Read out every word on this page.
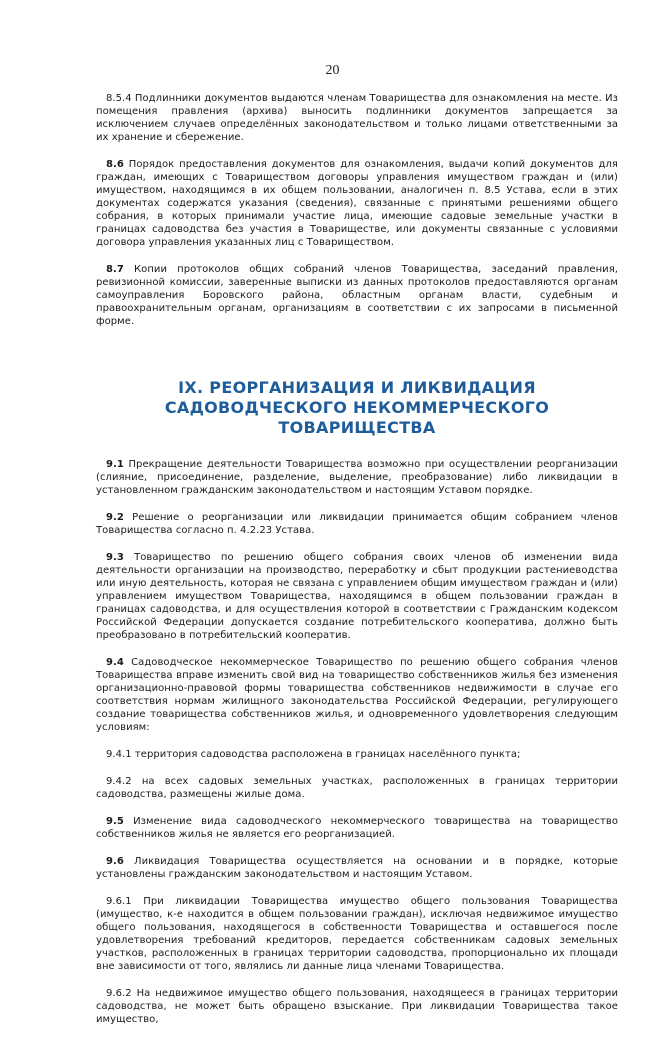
20

8.5.4 Подлинники документов выдаются членам Товарищества для ознакомления на месте. Из помещения правления (архива) выносить подлинники документов запрещается за исключением случаев определённых законодательством и только лицами ответственными за их хранение и сбережение.

8.6 Порядок предоставления документов для ознакомления, выдачи копий документов для граждан, имеющих с Товариществом договоры управления имуществом граждан и (или) имуществом, находящимся в их общем пользовании, аналогичен п. 8.5 Устава, если в этих документах содержатся указания (сведения), связанные с принятыми решениями общего собрания, в которых принимали участие лица, имеющие садовые земельные участки в границах садоводства без участия в Товариществе, или документы связанные с условиями договора управления указанных лиц с Товариществом.

8.7 Копии протоколов общих собраний членов Товарищества, заседаний правления, ревизионной комиссии, заверенные выписки из данных протоколов предоставляются органам самоуправления Боровского района, областным органам власти, судебным и правоохранительным органам, организациям в соответствии с их запросами в письменной форме.

IX. РЕОРГАНИЗАЦИЯ И ЛИКВИДАЦИЯ
САДОВОДЧЕСКОГО НЕКОММЕРЧЕСКОГО ТОВАРИЩЕСТВА

9.1 Прекращение деятельности Товарищества возможно при осуществлении реорганизации (слияние, присоединение, разделение, выделение, преобразование) либо ликвидации в установленном гражданским законодательством и настоящим Уставом порядке.

9.2 Решение о реорганизации или ликвидации принимается общим собранием членов Товарищества согласно п. 4.2.23 Устава.

9.3 Товарищество по решению общего собрания своих членов об изменении вида деятельности организации на производство, переработку и сбыт продукции растениеводства или иную деятельность, которая не связана с управлением общим имуществом граждан и (или) управлением имуществом Товарищества, находящимся в общем пользовании граждан в границах садоводства, и для осуществления которой в соответствии с Гражданским кодексом Российской Федерации допускается создание потребительского кооператива, должно быть преобразовано в потребительский кооператив.

9.4 Садоводческое некоммерческое Товарищество по решению общего собрания членов Товарищества вправе изменить свой вид на товарищество собственников жилья без изменения организационно-правовой формы товарищества собственников недвижимости в случае его соответствия нормам жилищного законодательства Российской Федерации, регулирующего создание товарищества собственников жилья, и одновременного удовлетворения следующим условиям:

9.4.1 территория садоводства расположена в границах населённого пункта;

9.4.2 на всех садовых земельных участках, расположенных в границах территории садоводства, размещены жилые дома.

9.5 Изменение вида садоводческого некоммерческого товарищества на товарищество собственников жилья не является его реорганизацией.

9.6 Ликвидация Товарищества осуществляется на основании и в порядке, которые установлены гражданским законодательством и настоящим Уставом.

9.6.1 При ликвидации Товарищества имущество общего пользования Товарищества (имущество, к-е находится в общем пользовании граждан), исключая недвижимое имущество общего пользования, находящегося в собственности Товарищества и оставшегося после удовлетворения требований кредиторов, передается собственникам садовых земельных участков, расположенных в границах территории садоводства, пропорционально их площади вне зависимости от того, являлись ли данные лица членами Товарищества.

9.6.2 На недвижимое имущество общего пользования, находящееся в границах территории садоводства, не может быть обращено взыскание. При ликвидации Товарищества такое имущество,
